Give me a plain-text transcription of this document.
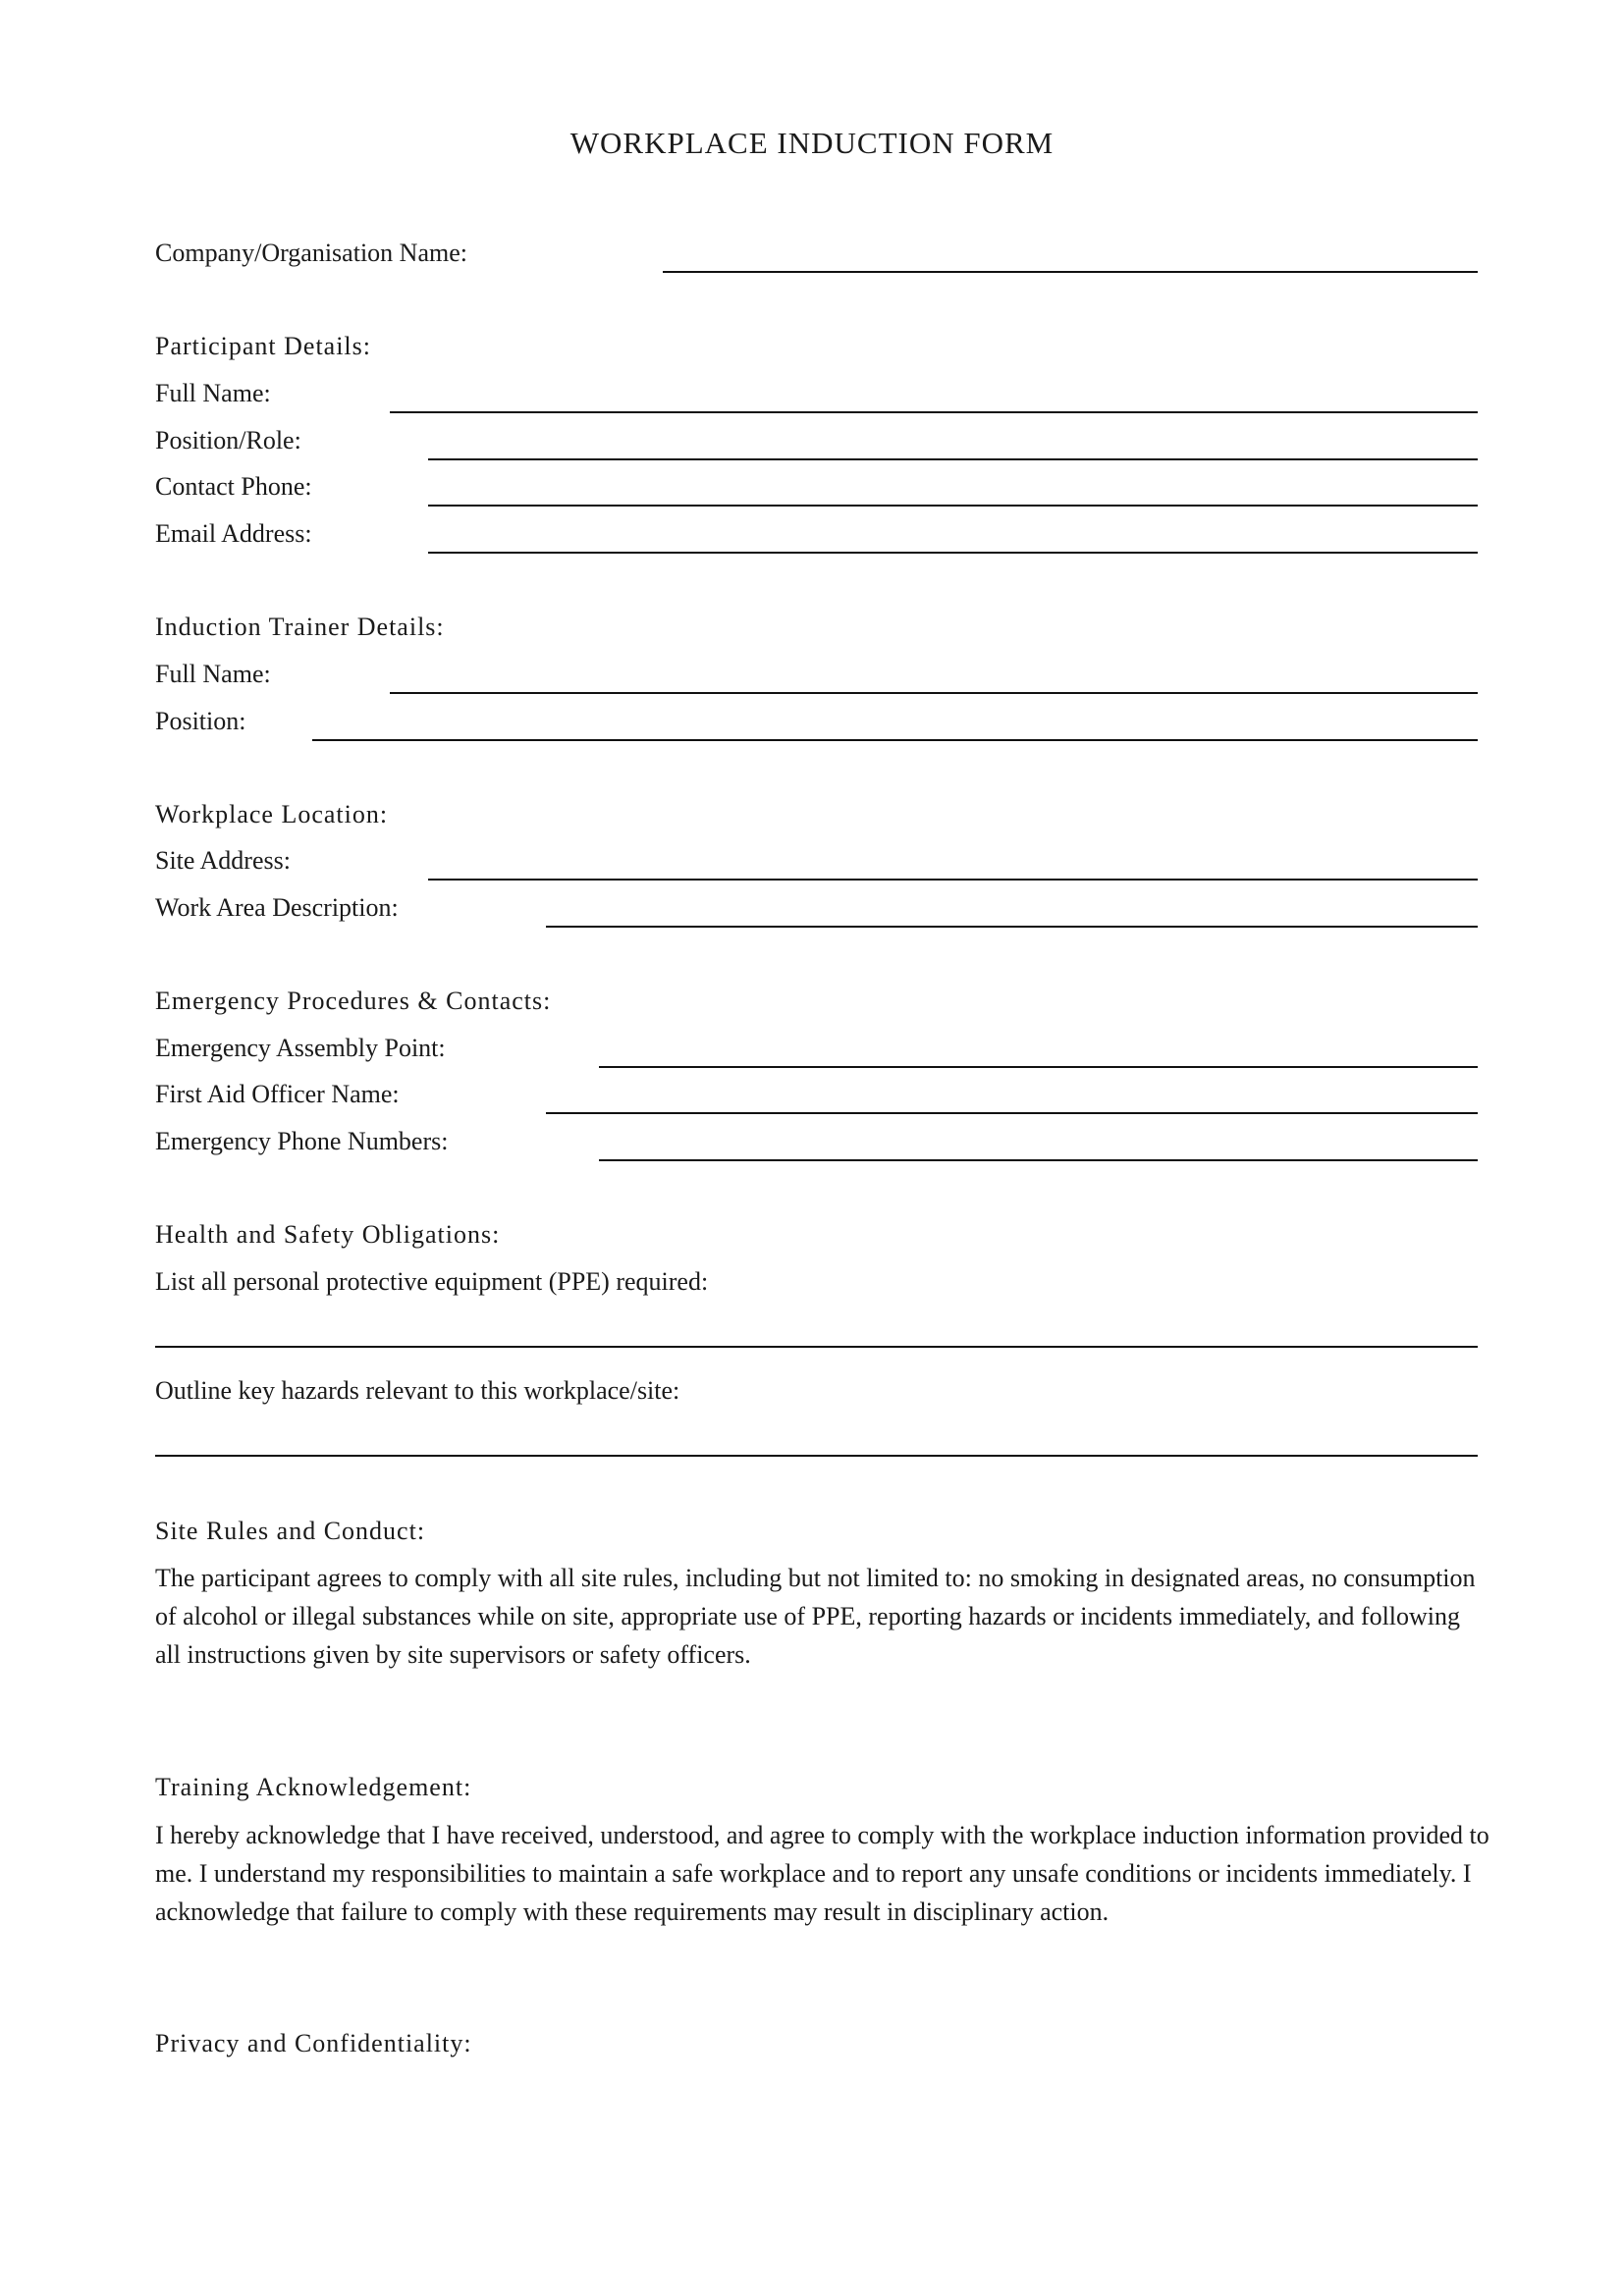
WORKPLACE INDUCTION FORM
Company/Organisation Name:
Participant Details:
Full Name:
Position/Role:
Contact Phone:
Email Address:
Induction Trainer Details:
Full Name:
Position:
Workplace Location:
Site Address:
Work Area Description:
Emergency Procedures & Contacts:
Emergency Assembly Point:
First Aid Officer Name:
Emergency Phone Numbers:
Health and Safety Obligations:
List all personal protective equipment (PPE) required:
Outline key hazards relevant to this workplace/site:
Site Rules and Conduct:
The participant agrees to comply with all site rules, including but not limited to: no smoking in designated areas, no consumption of alcohol or illegal substances while on site, appropriate use of PPE, reporting hazards or incidents immediately, and following all instructions given by site supervisors or safety officers.
Training Acknowledgement:
I hereby acknowledge that I have received, understood, and agree to comply with the workplace induction information provided to me. I understand my responsibilities to maintain a safe workplace and to report any unsafe conditions or incidents immediately. I acknowledge that failure to comply with these requirements may result in disciplinary action.
Privacy and Confidentiality:
